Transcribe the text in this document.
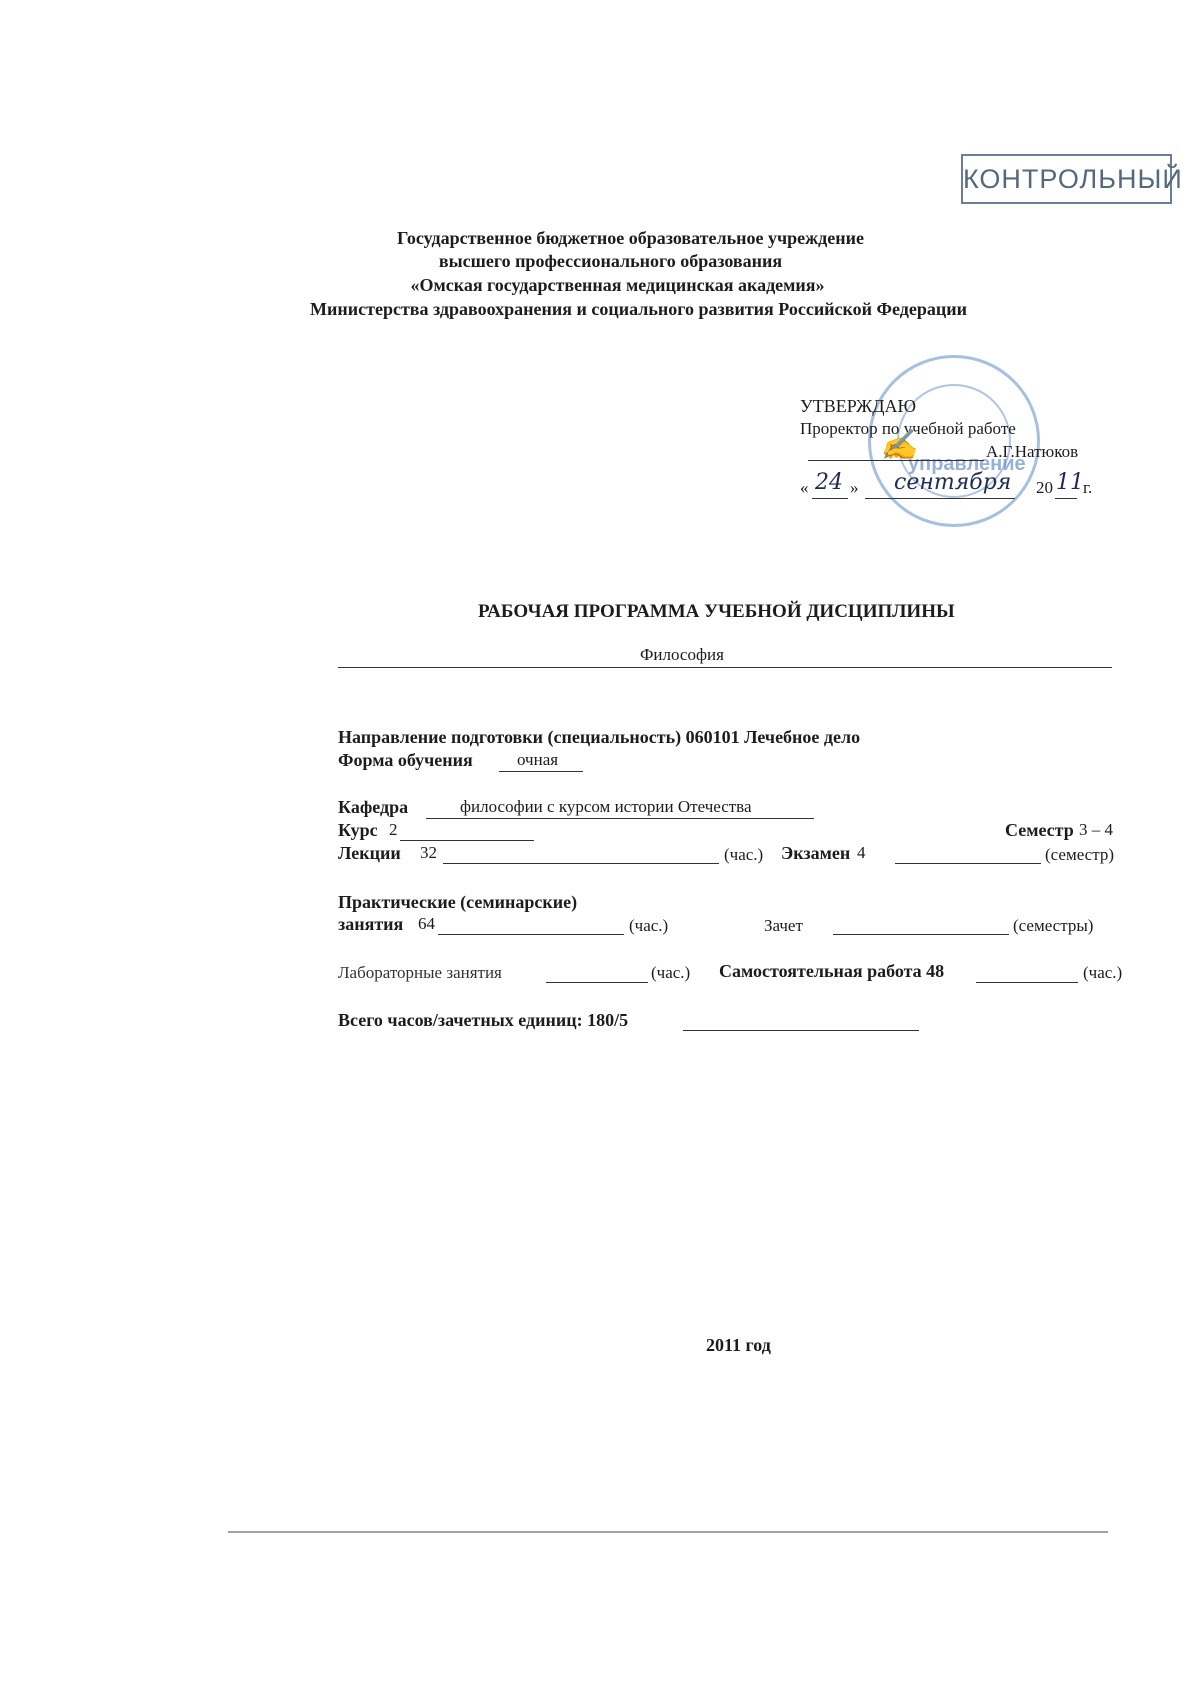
КОНТРОЛЬНЫЙ
Государственное бюджетное образовательное учреждение
высшего профессионального образования
«Омская государственная медицинская академия»
Министерства здравоохранения и социального развития Российской Федерации
управление
УТВЕРЖДАЮ
Проректор по учебной работе
✍	А.Г.Натюков
« 24 » сентября 20 11 г.
РАБОЧАЯ ПРОГРАММА УЧЕБНОЙ ДИСЦИПЛИНЫ
Философия
Направление подготовки (специальность) 060101 Лечебное дело
Форма обучения	очная
Кафедра	философии с курсом истории Отечества
Курс 2	Семестр 3 – 4
Лекции 32	(час.) Экзамен 4	(семестр)
Практические (семинарские)
занятия 64	(час.)	Зачет	(семестры)
Лабораторные занятия	(час.) Самостоятельная работа 48	(час.)
Всего часов/зачетных единиц: 180/5
2011 год
